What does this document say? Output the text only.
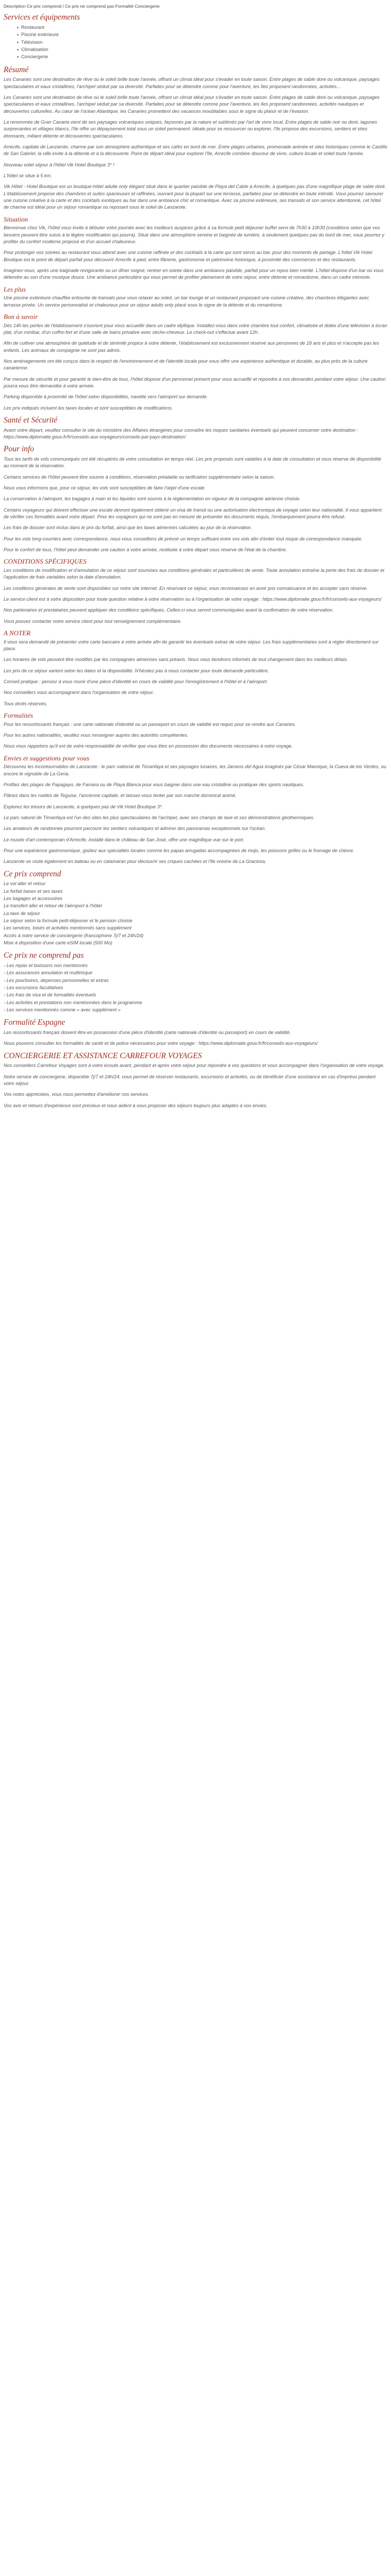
Description Ce prix comprend / Ce prix ne comprend pas Formalité Conciergerie
Services et équipements
Restaurant
Piscine extérieure
Télévision
Climatisation
Conciergerie
Résumé

Les Canaries sont une destination de rêve où le soleil brille toute l'année, offrant un climat idéal pour s'évader en toute saison. Entre plages de sable doré ou volcanique, paysages spectaculaires et eaux cristallines, l'archipel séduit par sa diversité. Parfaites pour se détendre comme pour l'aventure, les îles proposent randonnées, activités...

Les Canaries sont une destination de rêve où le soleil brille toute l'année, offrant un climat idéal pour s'évader en toute saison. Entre plages de sable doré ou volcanique, paysages spectaculaires et eaux cristallines, l'archipel séduit par sa diversité. Parfaites pour se détendre comme pour l'aventure, les îles proposent randonnées, activités nautiques et découvertes culturelles. Au cœur de l'océan Atlantique, les Canaries promettent des vacances inoubliables sous le signe du plaisir et de l'évasion.

La renommée de Gran Canaria vient de ses paysages volcaniques uniques, façonnés par la nature et sublimés par l'art de vivre local. Entre plages de sable noir ou doré, lagunes surprenantes et villages blancs, l'île offre un dépaysement total sous un soleil permanent. Idéale pour se ressourcer ou explorer, l'île propose des excursions, sentiers et sites étonnants, mêlant détente et découvertes spectaculaires.

Arrecife, capitale de Lanzarote, charme par son atmosphère authentique et ses cafés en bord de mer. Entre plages urbaines, promenade animée et sites historiques comme le Castillo de San Gabriel, la ville invite à la détente et à la découverte. Point de départ idéal pour explorer l'île, Arrecife combine douceur de vivre, culture locale et soleil toute l'année.

Nouveau volet séjour à l'hôtel Vik Hotel Boutique 3* !

L'hôtel se situe à 5 km.

Vik Hôtel - Hotel Boutique est un boutique-hôtel adulte only élégant situé dans le quartier paisible de Playa del Cable à Arrecife, à quelques pas d'une magnifique plage de sable doré. L'établissement propose des chambres et suites spacieuses et raffinées, ouvrant pour la plupart sur une terrasse, parfaites pour se détendre en toute intimité. Vous pourrez savourer une cuisine créative à la carte et des cocktails exotiques au bar dans une ambiance chic et romantique. Avec sa piscine extérieure, ses transats et son service attentionné, cet hôtel de charme est idéal pour un séjour romantique ou reposant sous le soleil de Lanzarote.

Situation

Bienvenue chez Vik, l'hôtel vous invite à débuter votre journée avec les meilleurs auspices grâce à sa formule petit déjeuner buffet servi de 7h30 à 10h30 (conditions selon que vos besoins peuvent être suivis à le légère modification qui pourra). Situé dans une atmosphère sereine et baignée de lumière, à seulement quelques pas du bord de mer, vous pourrez y profiter du confort moderne proposé et d'un accueil chaleureux.

Pour prolonger vos soirées au restaurant vous attend avec une cuisine raffinée et des cocktails à la carte qui sont servis au bar, pour des moments de partage. L'hôtel Vik Hotel Boutique est le point de départ parfait pour découvrir Arrecife à pied, entre flânerie, gastronomie et patrimoine historique, à proximité des commerces et des restaurants.

Imaginez-vous, après une baignade revigorante ou un dîner soigné, rentrer en soirée dans une ambiance paisible, parfait pour un repos bien mérité. L'hôtel dispose d'un bar où vous détendre au son d'une musique douce. Une ambiance particulière qui vous permet de profiter pleinement de votre séjour, entre détente et romantisme, dans un cadre intimiste.

Les plus

Une piscine extérieure chauffée entourée de transats pour vous relaxer au soleil, un bar lounge et un restaurant proposant une cuisine créative, des chambres élégantes avec terrasse privée. Un service personnalisé et chaleureux pour un séjour adults only placé sous le signe de la détente et du romantisme.

Bon à savoir

Dès 14h les portes de l'établissement s'ouvrent pour vous accueillir dans un cadre idyllique. Installez-vous dans votre chambre tout confort, climatisée et dotée d'une télévision à écran plat, d'un minibar, d'un coffre-fort et d'une salle de bains privative avec sèche-cheveux. Le check-out s'effectue avant 12h.

Afin de cultiver une atmosphère de quiétude et de sérénité propice à votre détente, l'établissement est exclusivement réservé aux personnes de 18 ans et plus et n'accepte pas les enfants. Les animaux de compagnie ne sont pas admis.

Nos aménagements ont été conçus dans le respect de l'environnement et de l'identité locale pour vous offrir une expérience authentique et durable, au plus près de la culture canarienne.

Par mesure de sécurité et pour garantir le bien-être de tous, l'hôtel dispose d'un personnel présent pour vous accueillir et répondre à vos demandes pendant votre séjour. Une caution pourra vous être demandée à votre arrivée.

Parking disponible à proximité de l'hôtel selon disponibilités, navette vers l'aéroport sur demande.

Les prix indiqués incluent les taxes locales et sont susceptibles de modifications.

Santé et Sécurité

Avant votre départ, veuillez consulter le site du ministère des Affaires étrangères pour connaître les risques sanitaires éventuels qui peuvent concerner votre destination : https://www.diplomatie.gouv.fr/fr/conseils-aux-voyageurs/conseils-par-pays-destination/

Pour info

Tous les tarifs de vols communiqués ont été récupérés de votre consultation en temps réel. Les prix proposés sont valables à la date de consultation et sous réserve de disponibilité au moment de la réservation.

Certains services de l'hôtel peuvent être soumis à conditions, réservation préalable ou tarification supplémentaire selon la saison.

Nous vous informons que, pour ce séjour, les vols sont susceptibles de faire l'objet d'une escale.

La conservation à l'aéroport, les bagages à main et les liquides sont soumis à la réglementation en vigueur de la compagnie aérienne choisie.

Certains voyageurs qui doivent effectuer une escale devront également obtenir un visa de transit ou une autorisation électronique de voyage selon leur nationalité. Il vous appartient de vérifier ces formalités avant votre départ. Pour les voyageurs qui ne sont pas en mesure de présenter les documents requis, l'embarquement pourra être refusé.

Les frais de dossier sont inclus dans le prix du forfait, ainsi que les taxes aériennes calculées au jour de la réservation.

Pour les vols long-courriers avec correspondance, nous vous conseillons de prévoir un temps suffisant entre vos vols afin d'éviter tout risque de correspondance manquée.

Pour le confort de tous, l'hôtel peut demander une caution à votre arrivée, restituée à votre départ sous réserve de l'état de la chambre.

CONDITIONS SPÉCIFIQUES

Les conditions de modification et d'annulation de ce séjour sont soumises aux conditions générales et particulières de vente. Toute annulation entraîne la perte des frais de dossier et l'application de frais variables selon la date d'annulation.

Les conditions générales de vente sont disponibles sur notre site internet. En réservant ce séjour, vous reconnaissez en avoir pris connaissance et les accepter sans réserve.

Le service client est à votre disposition pour toute question relative à votre réservation ou à l'organisation de votre voyage : https://www.diplomatie.gouv.fr/fr/conseils-aux-voyageurs/

Nos partenaires et prestataires peuvent appliquer des conditions spécifiques. Celles-ci vous seront communiquées avant la confirmation de votre réservation.

Vous pouvez contacter notre service client pour tout renseignement complémentaire.

A NOTER

Il vous sera demandé de présenter votre carte bancaire à votre arrivée afin de garantir les éventuels extras de votre séjour. Les frais supplémentaires sont à régler directement sur place.

Les horaires de vols peuvent être modifiés par les compagnies aériennes sans préavis. Nous vous tiendrons informés de tout changement dans les meilleurs délais.

Les prix de ce séjour varient selon les dates et la disponibilité. N'hésitez pas à nous contacter pour toute demande particulière.

Conseil pratique : pensez à vous munir d'une pièce d'identité en cours de validité pour l'enregistrement à l'hôtel et à l'aéroport.

Nos conseillers vous accompagnent dans l'organisation de votre séjour.

Tous droits réservés.

Formalités

Pour les ressortissants français : une carte nationale d'identité ou un passeport en cours de validité est requis pour se rendre aux Canaries.

Pour les autres nationalités, veuillez vous renseigner auprès des autorités compétentes.

Nous vous rappelons qu'il est de votre responsabilité de vérifier que vous êtes en possession des documents nécessaires à votre voyage.

Envies et suggestions pour vous

Découvrez les incontournables de Lanzarote : le parc national de Timanfaya et ses paysages lunaires, les Jameos del Agua imaginés par César Manrique, la Cueva de los Verdes, ou encore le vignoble de La Geria.

Profitez des plages de Papagayo, de Famara ou de Playa Blanca pour vous baigner dans une eau cristalline ou pratiquer des sports nautiques.

Flânez dans les ruelles de Teguise, l'ancienne capitale, et laissez-vous tenter par son marché dominical animé.

Explorez les trésors de Lanzarote, à quelques pas de Vik Hotel Boutique 3*.

Le parc naturel de Timanfaya est l'un des sites les plus spectaculaires de l'archipel, avec ses champs de lave et ses démonstrations géothermiques.

Les amateurs de randonnée pourront parcourir les sentiers volcaniques et admirer des panoramas exceptionnels sur l'océan.

Le musée d'art contemporain d'Arrecife, installé dans le château de San José, offre une magnifique vue sur le port.

Pour une expérience gastronomique, goûtez aux spécialités locales comme les papas arrugadas accompagnées de mojo, les poissons grillés ou le fromage de chèvre.

Lanzarote se visite également en bateau ou en catamaran pour découvrir ses criques cachées et l'île voisine de La Graciosa.

Ce prix comprend
Le vol aller et retour
Le forfait bases et ses taxes
Les bagages et accessoires
Le transfert aller et retour de l'aéroport à l'hôtel
La taxe de séjour
Le séjour selon la formule petit-déjeuner et le pension choisie
Les services, loisirs et activités mentionnés sans supplément
Accès à notre service de conciergerie (francophone 7j/7 et 24h/24)
Mise à disposition d'une carte eSIM locale (500 Mo)
Ce prix ne comprend pas
- Les repas et boissons non mentionnés
- Les assurances annulation et multirisque
- Les pourboires, dépenses personnelles et extras
- Les excursions facultatives
- Les frais de visa et de formalités éventuels
- Les activités et prestations non mentionnées dans le programme
- Les services mentionnés comme « avec supplément »
Formalité Espagne

Les ressortissants français doivent être en possession d'une pièce d'identité (carte nationale d'identité ou passeport) en cours de validité.

Nous pouvons consulter les formalités de santé et de police nécessaires pour votre voyage : https://www.diplomatie.gouv.fr/fr/conseils-aux-voyageurs/

CONCIERGERIE ET ASSISTANCE CARREFOUR VOYAGES

Nos conseillers Carrefour Voyages sont à votre écoute avant, pendant et après votre séjour pour répondre à vos questions et vous accompagner dans l'organisation de votre voyage.

Notre service de conciergerie, disponible 7j/7 et 24h/24, vous permet de réserver restaurants, excursions et activités, ou de bénéficier d'une assistance en cas d'imprévu pendant votre séjour.

Vos notes appréciées, vous nous permettez d'améliorer nos services.

Vos avis et retours d'expérience sont précieux et nous aident à vous proposer des séjours toujours plus adaptés à vos envies.
